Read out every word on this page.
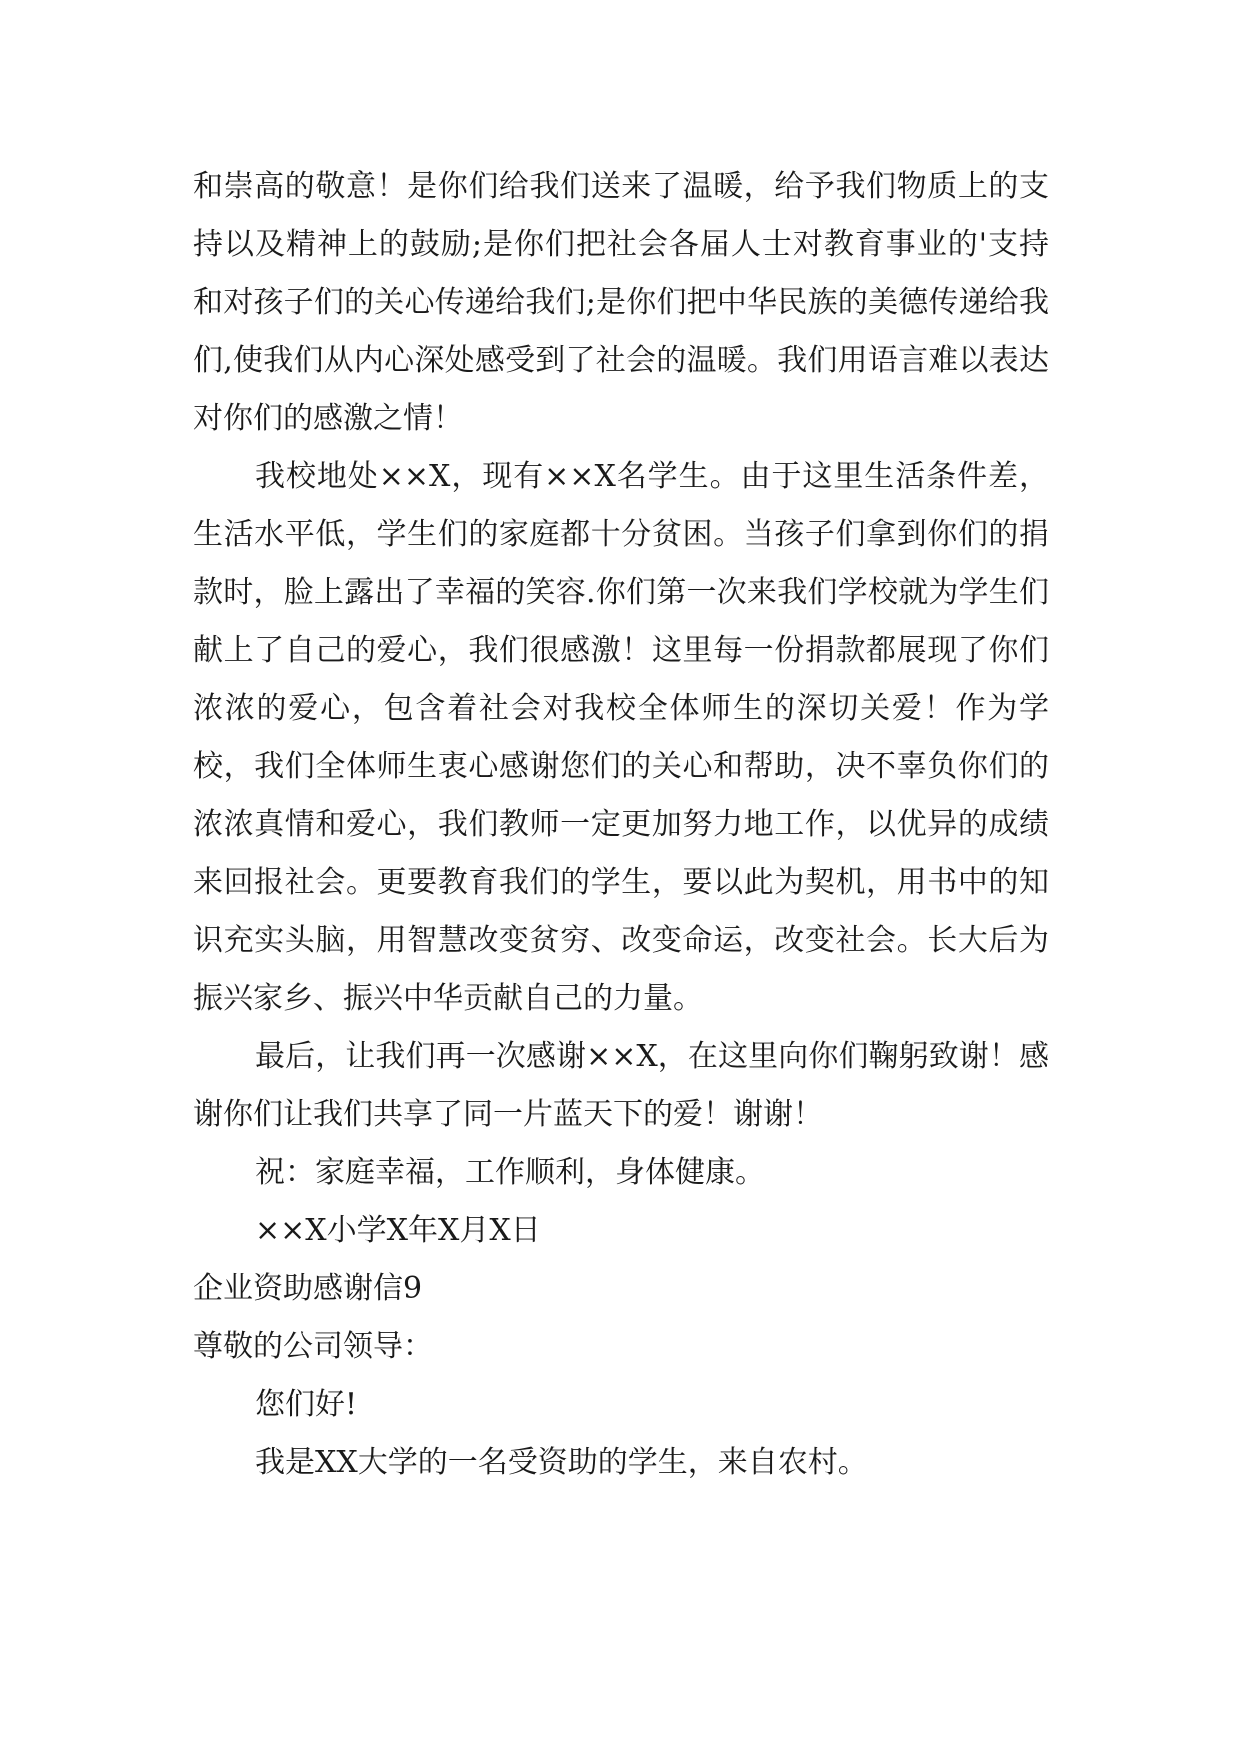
和崇高的敬意！是你们给我们送来了温暖，给予我们物质上的支持以及精神上的鼓励;是你们把社会各届人士对教育事业的'支持和对孩子们的关心传递给我们;是你们把中华民族的美德传递给我们,使我们从内心深处感受到了社会的温暖。我们用语言难以表达对你们的感激之情！

我校地处××X，现有××X名学生。由于这里生活条件差，生活水平低，学生们的家庭都十分贫困。当孩子们拿到你们的捐款时，脸上露出了幸福的笑容.你们第一次来我们学校就为学生们献上了自己的爱心，我们很感激！这里每一份捐款都展现了你们浓浓的爱心，包含着社会对我校全体师生的深切关爱！作为学校，我们全体师生衷心感谢您们的关心和帮助，决不辜负你们的浓浓真情和爱心，我们教师一定更加努力地工作，以优异的成绩来回报社会。更要教育我们的学生，要以此为契机，用书中的知识充实头脑，用智慧改变贫穷、改变命运，改变社会。长大后为振兴家乡、振兴中华贡献自己的力量。

最后，让我们再一次感谢××X，在这里向你们鞠躬致谢！感谢你们让我们共享了同一片蓝天下的爱！谢谢！

祝：家庭幸福，工作顺利，身体健康。

××X小学X年X月X日

企业资助感谢信9

尊敬的公司领导：

您们好!

我是XX大学的一名受资助的学生，来自农村。
